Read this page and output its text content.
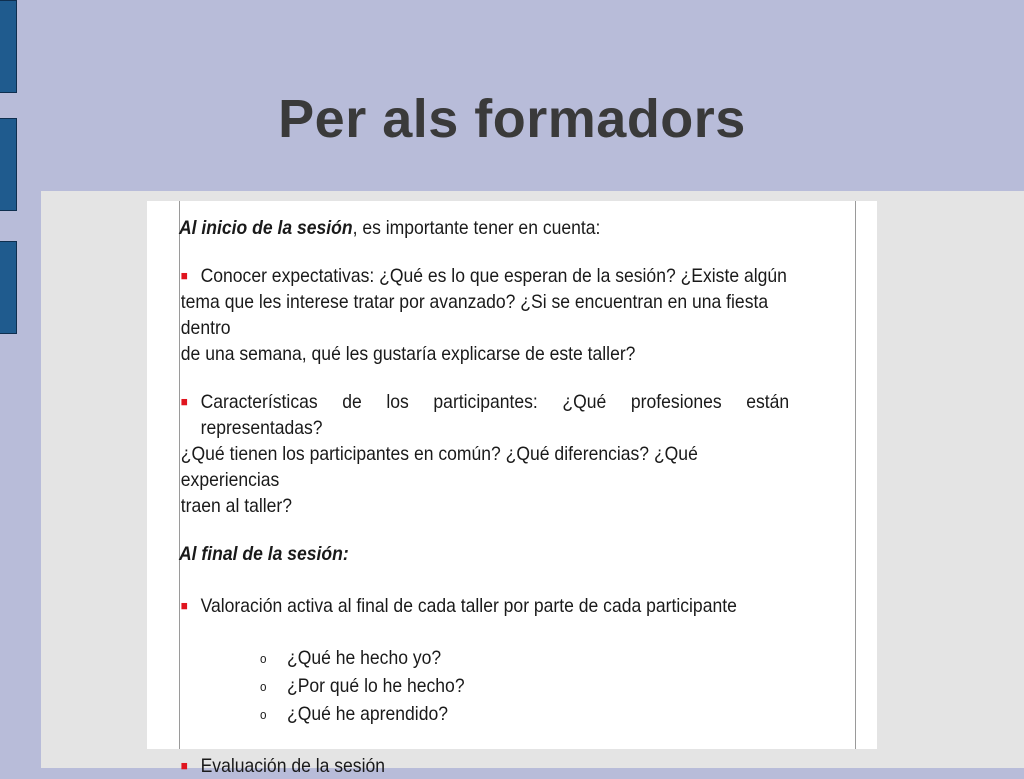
Per als formadors

Al inicio de la sesión, es importante tener en cuenta:

■ Conocer expectativas: ¿Qué es lo que esperan de la sesión? ¿Existe algún

tema que les interese tratar por avanzado? ¿Si se encuentran en una fiesta dentro

de una semana, qué les gustaría explicarse de este taller?

■ Características de los participantes: ¿Qué profesiones están representadas?

¿Qué tienen los participantes en común? ¿Qué diferencias? ¿Qué experiencias

traen al taller?

Al final de la sesión:

■ Valoración activa al final de cada taller por parte de cada participante
o ¿Qué he hecho yo?
o ¿Por qué lo he hecho?
o ¿Qué he aprendido?
■ Evaluación de la sesión
